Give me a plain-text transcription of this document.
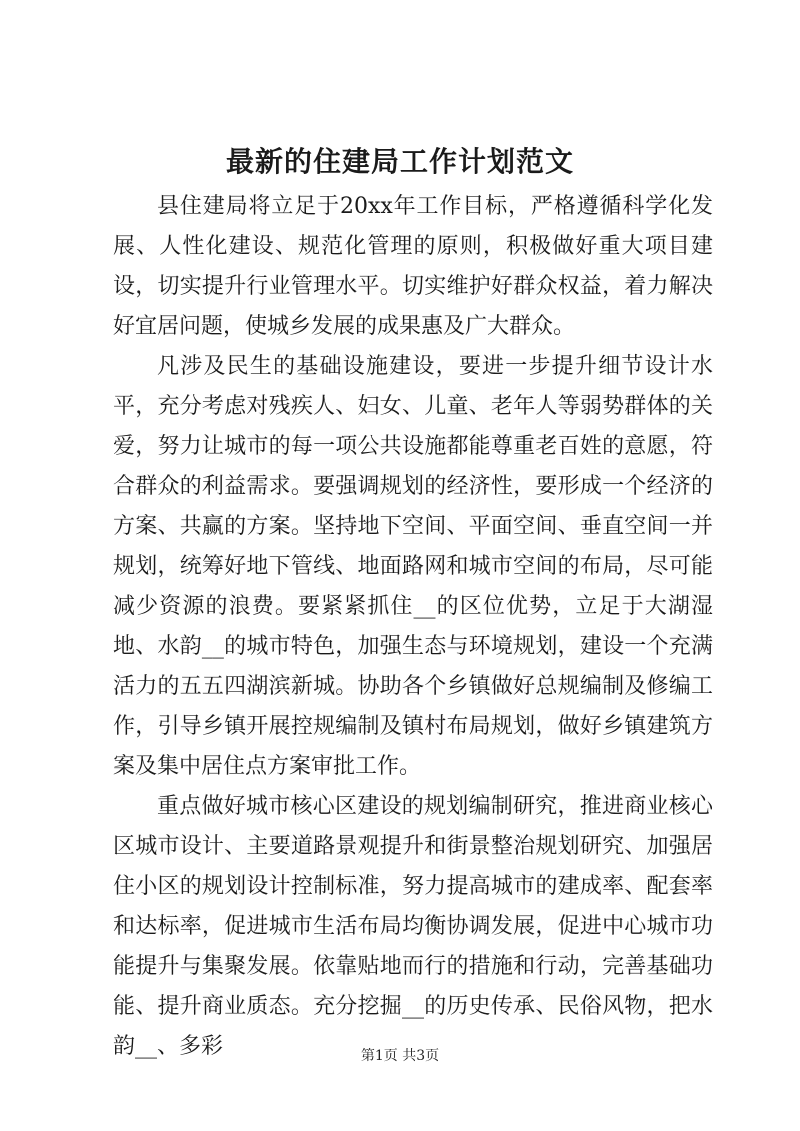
最新的住建局工作计划范文

县住建局将立足于20xx年工作目标，严格遵循科学化发展、人性化建设、规范化管理的原则，积极做好重大项目建设，切实提升行业管理水平。切实维护好群众权益，着力解决好宜居问题，使城乡发展的成果惠及广大群众。

凡涉及民生的基础设施建设，要进一步提升细节设计水平，充分考虑对残疾人、妇女、儿童、老年人等弱势群体的关爱，努力让城市的每一项公共设施都能尊重老百姓的意愿，符合群众的利益需求。要强调规划的经济性，要形成一个经济的方案、共赢的方案。坚持地下空间、平面空间、垂直空间一并规划，统筹好地下管线、地面路网和城市空间的布局，尽可能减少资源的浪费。要紧紧抓住__的区位优势，立足于大湖湿地、水韵__的城市特色，加强生态与环境规划，建设一个充满活力的五五四湖滨新城。协助各个乡镇做好总规编制及修编工作，引导乡镇开展控规编制及镇村布局规划，做好乡镇建筑方案及集中居住点方案审批工作。

重点做好城市核心区建设的规划编制研究，推进商业核心区城市设计、主要道路景观提升和街景整治规划研究、加强居住小区的规划设计控制标准，努力提高城市的建成率、配套率和达标率，促进城市生活布局均衡协调发展，促进中心城市功能提升与集聚发展。依靠贴地而行的措施和行动，完善基础功能、提升商业质态。充分挖掘__的历史传承、民俗风物，把水韵__、多彩	第1页 共3页
